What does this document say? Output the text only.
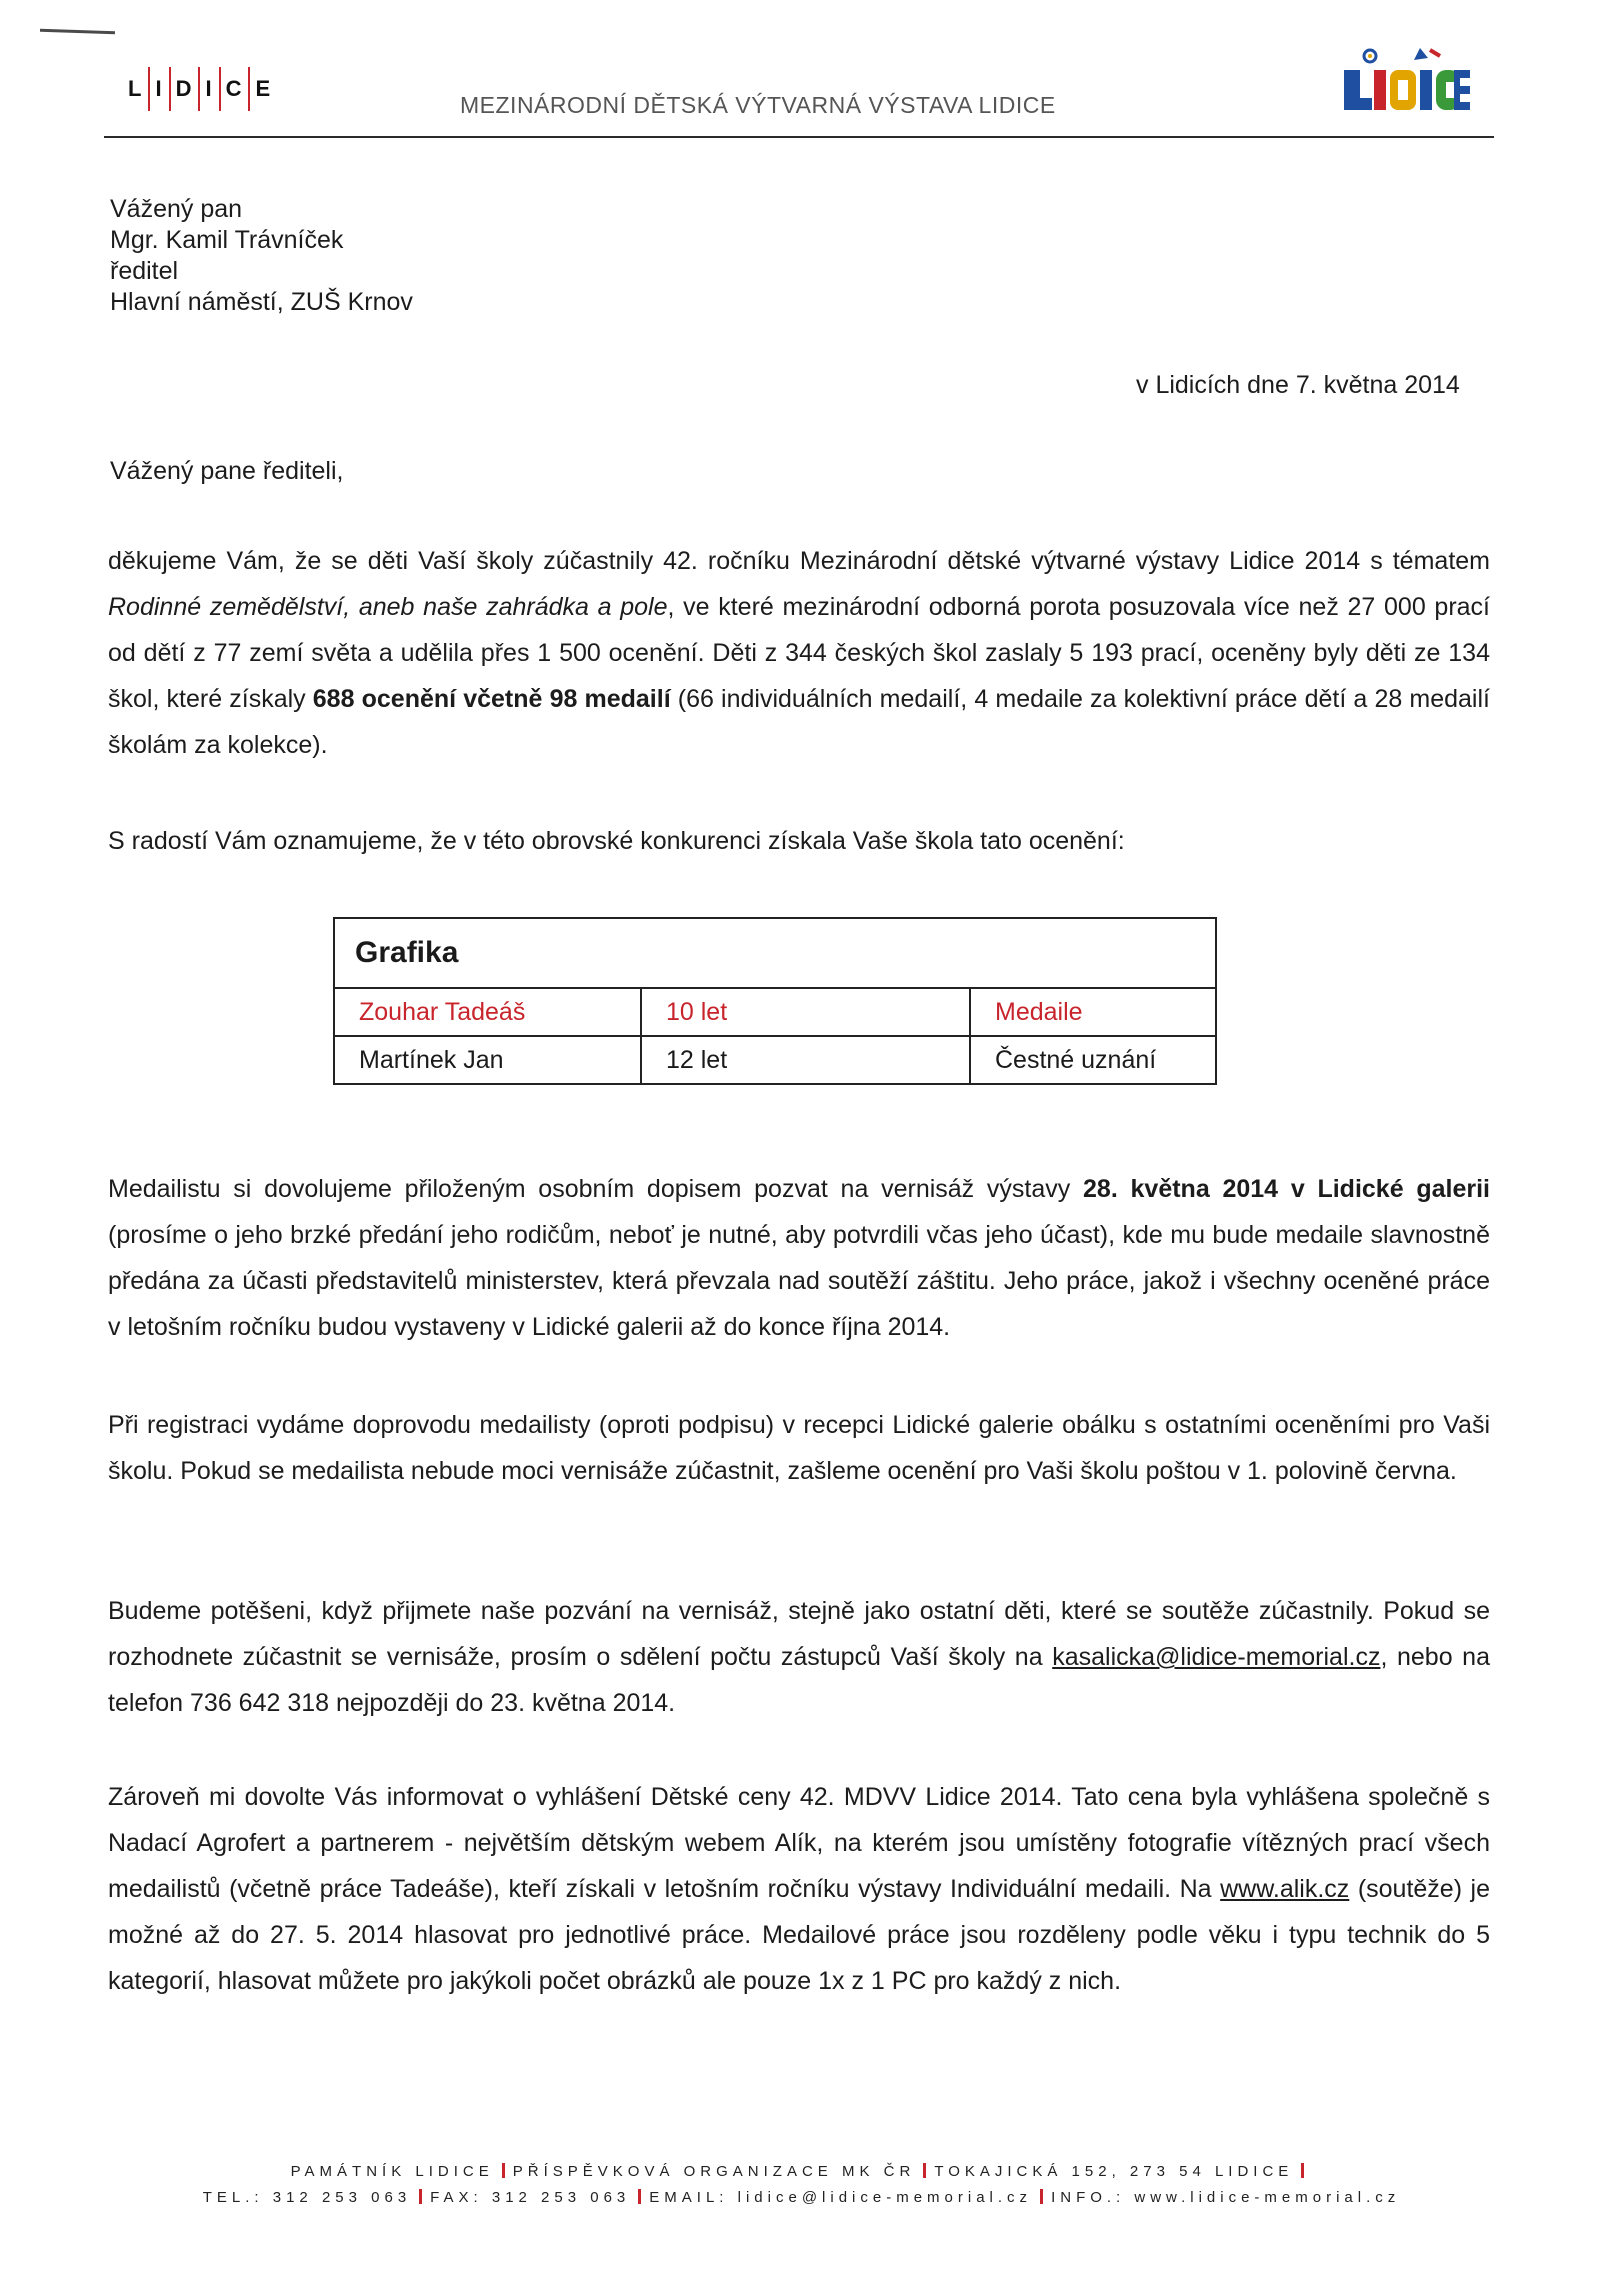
L I D I C E
MEZINÁRODNÍ DĚTSKÁ VÝTVARNÁ VÝSTAVA LIDICE
Vážený pan
Mgr. Kamil Trávníček
ředitel
Hlavní náměstí, ZUŠ Krnov
v Lidicích dne 7. května 2014
Vážený pane řediteli,
děkujeme Vám, že se děti Vaší školy zúčastnily 42. ročníku Mezinárodní dětské výtvarné výstavy Lidice 2014 s tématem Rodinné zemědělství, aneb naše zahrádka a pole, ve které mezinárodní odborná porota posuzovala více než 27 000 prací od dětí z 77 zemí světa a udělila přes 1 500 ocenění. Děti z 344 českých škol zaslaly 5 193 prací, oceněny byly děti ze 134 škol, které získaly 688 ocenění včetně 98 medailí (66 individuálních medailí, 4 medaile za kolektivní práce dětí a 28 medailí školám za kolekce).
S radostí Vám oznamujeme, že v této obrovské konkurenci získala Vaše škola tato ocenění:
Grafika		
Zouhar Tadeáš	10 let	Medaile
Martínek Jan	12 let	Čestné uznání
Medailistu si dovolujeme přiloženým osobním dopisem pozvat na vernisáž výstavy 28. května 2014 v Lidické galerii (prosíme o jeho brzké předání jeho rodičům, neboť je nutné, aby potvrdili včas jeho účast), kde mu bude medaile slavnostně předána za účasti představitelů ministerstev, která převzala nad soutěží záštitu. Jeho práce, jakož i všechny oceněné práce v letošním ročníku budou vystaveny v Lidické galerii až do konce října 2014.
Při registraci vydáme doprovodu medailisty (oproti podpisu) v recepci Lidické galerie obálku s ostatními oceněními pro Vaši školu. Pokud se medailista nebude moci vernisáže zúčastnit, zašleme ocenění pro Vaši školu poštou v 1. polovině června.
Budeme potěšeni, když přijmete naše pozvání na vernisáž, stejně jako ostatní děti, které se soutěže zúčastnily. Pokud se rozhodnete zúčastnit se vernisáže, prosím o sdělení počtu zástupců Vaší školy na kasalicka@lidice-memorial.cz, nebo na telefon 736 642 318 nejpozději do 23. května 2014.
Zároveň mi dovolte Vás informovat o vyhlášení Dětské ceny 42. MDVV Lidice 2014. Tato cena byla vyhlášena společně s Nadací Agrofert a partnerem - největším dětským webem Alík, na kterém jsou umístěny fotografie vítězných prací všech medailistů (včetně práce Tadeáše), kteří získali v letošním ročníku výstavy Individuální medaili. Na www.alik.cz (soutěže) je možné až do 27. 5. 2014 hlasovat pro jednotlivé práce. Medailové práce jsou rozděleny podle věku i typu technik do 5 kategorií, hlasovat můžete pro jakýkoli počet obrázků ale pouze 1x z 1 PC pro každý z nich.
PAMÁTNÍK LIDICE PŘÍSPĚVKOVÁ ORGANIZACE MK ČR TOKAJICKÁ 152, 273 54 LIDICE
TEL.: 312 253 063 FAX: 312 253 063 EMAIL: lidice@lidice-memorial.cz INFO.: www.lidice-memorial.cz
